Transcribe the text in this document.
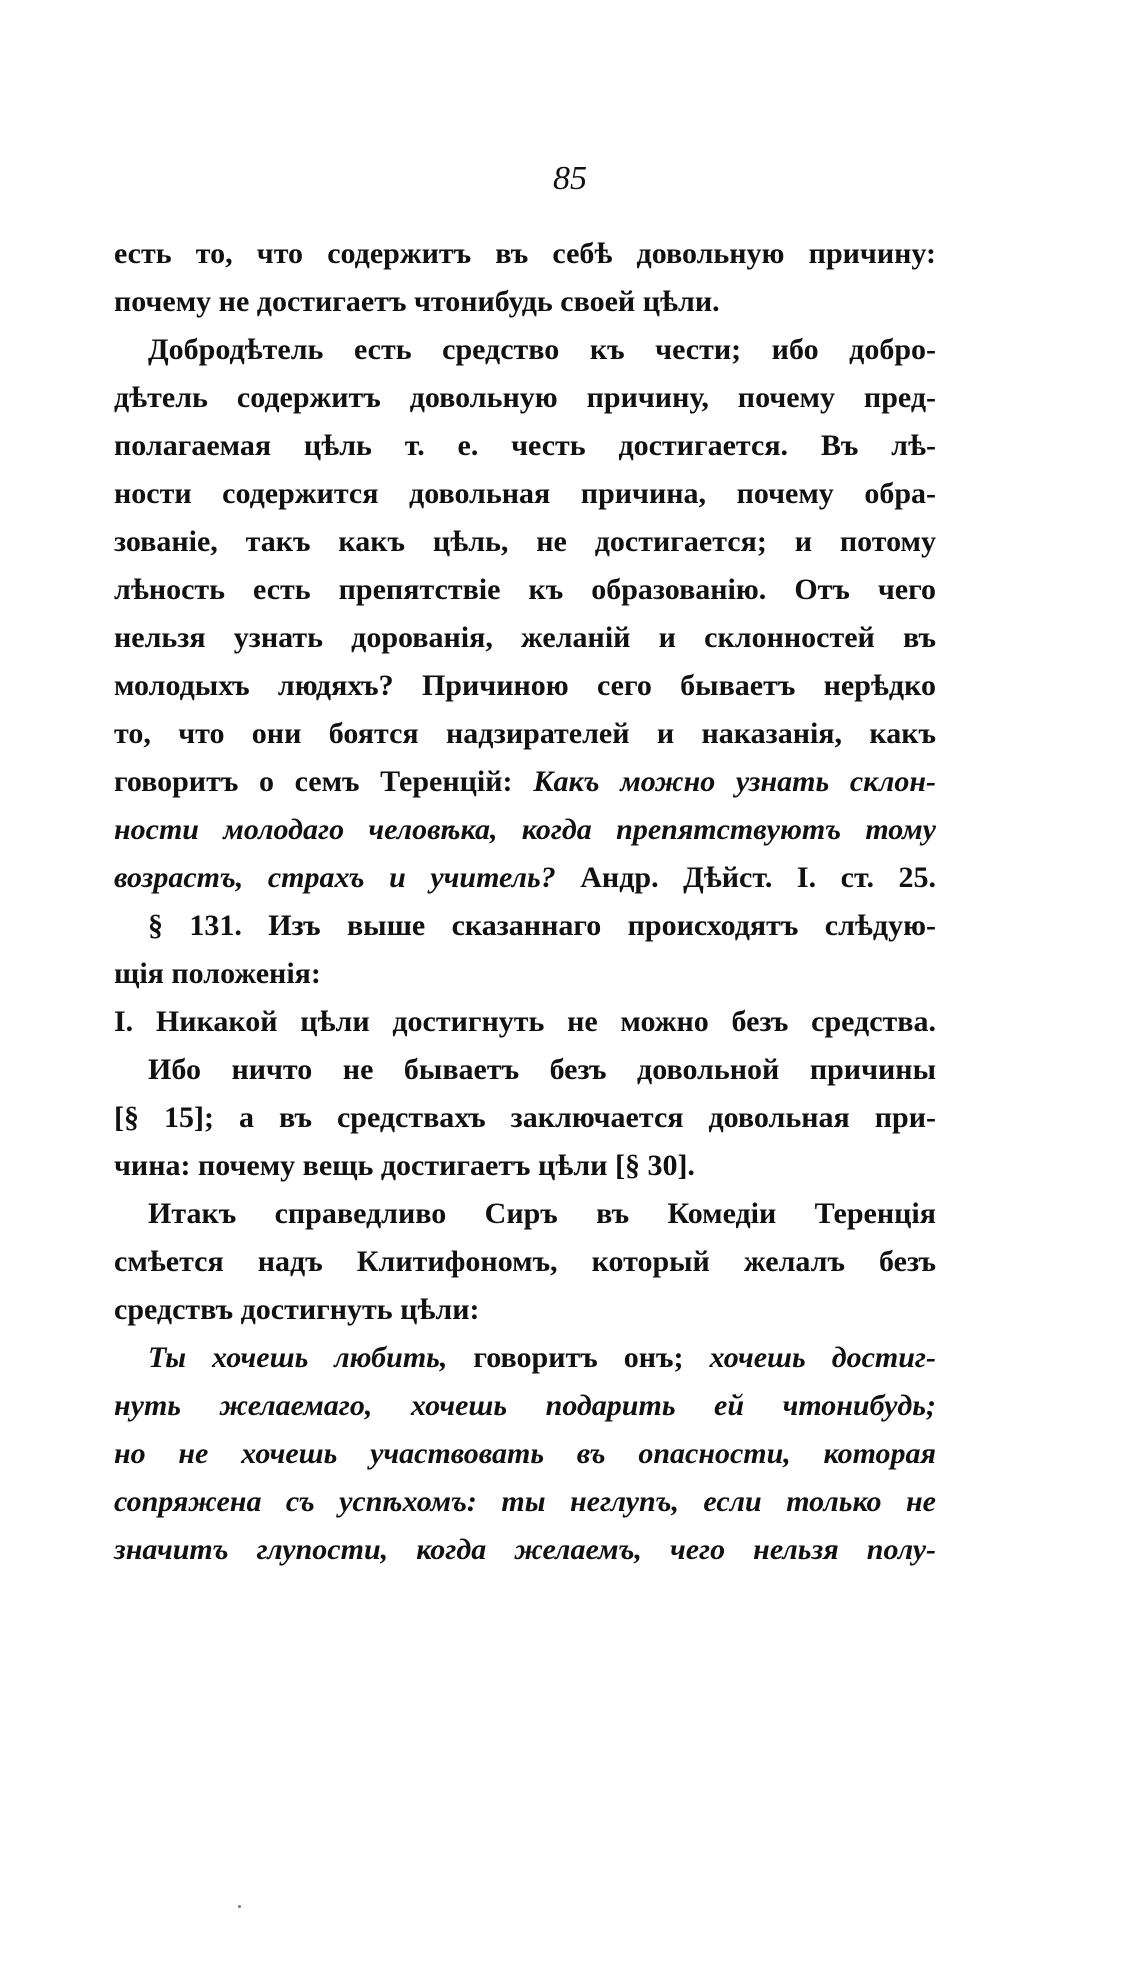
85
есть то, что содержитъ въ себѣ довольную причину:
почему не достигаетъ чтонибудь своей цѣли.
Добродѣтель есть средство къ чести; ибо добро-
дѣтель содержитъ довольную причину, почему пред-
полагаемая цѣль т. е. честь достигается. Въ лѣ-
ности содержится довольная причина, почему обра-
зованіе, такъ какъ цѣль, не достигается; и потому
лѣность есть препятствіе къ образованію. Отъ чего
нельзя узнать дорованія, желаній и склонностей въ
молодыхъ людяхъ? Причиною сего бываетъ нерѣдко
то, что они боятся надзирателей и наказанія, какъ
говоритъ о семъ Теренцій: Какъ можно узнать склон-
ности молодаго человѣка, когда препятствуютъ тому
возрастъ, страхъ и учитель? Андр. Дѣйст. I. ст. 25.
§ 131. Изъ выше сказаннаго происходятъ слѣдую-
щія положенія:
I. Никакой цѣли достигнуть не можно безъ средства.
Ибо ничто не бываетъ безъ довольной причины
[§ 15]; а въ средствахъ заключается довольная при-
чина: почему вещь достигаетъ цѣли [§ 30].
Итакъ справедливо Сиръ въ Комедіи Теренція
смѣется надъ Клитифономъ, который желалъ безъ
средствъ достигнуть цѣли:
Ты хочешь любить, говоритъ онъ; хочешь достиг-
нуть желаемаго, хочешь подарить ей чтонибудь;
но не хочешь участвовать въ опасности, которая
сопряжена съ успѣхомъ: ты неглупъ, если только не
значитъ глупости, когда желаемъ, чего нельзя полу-
